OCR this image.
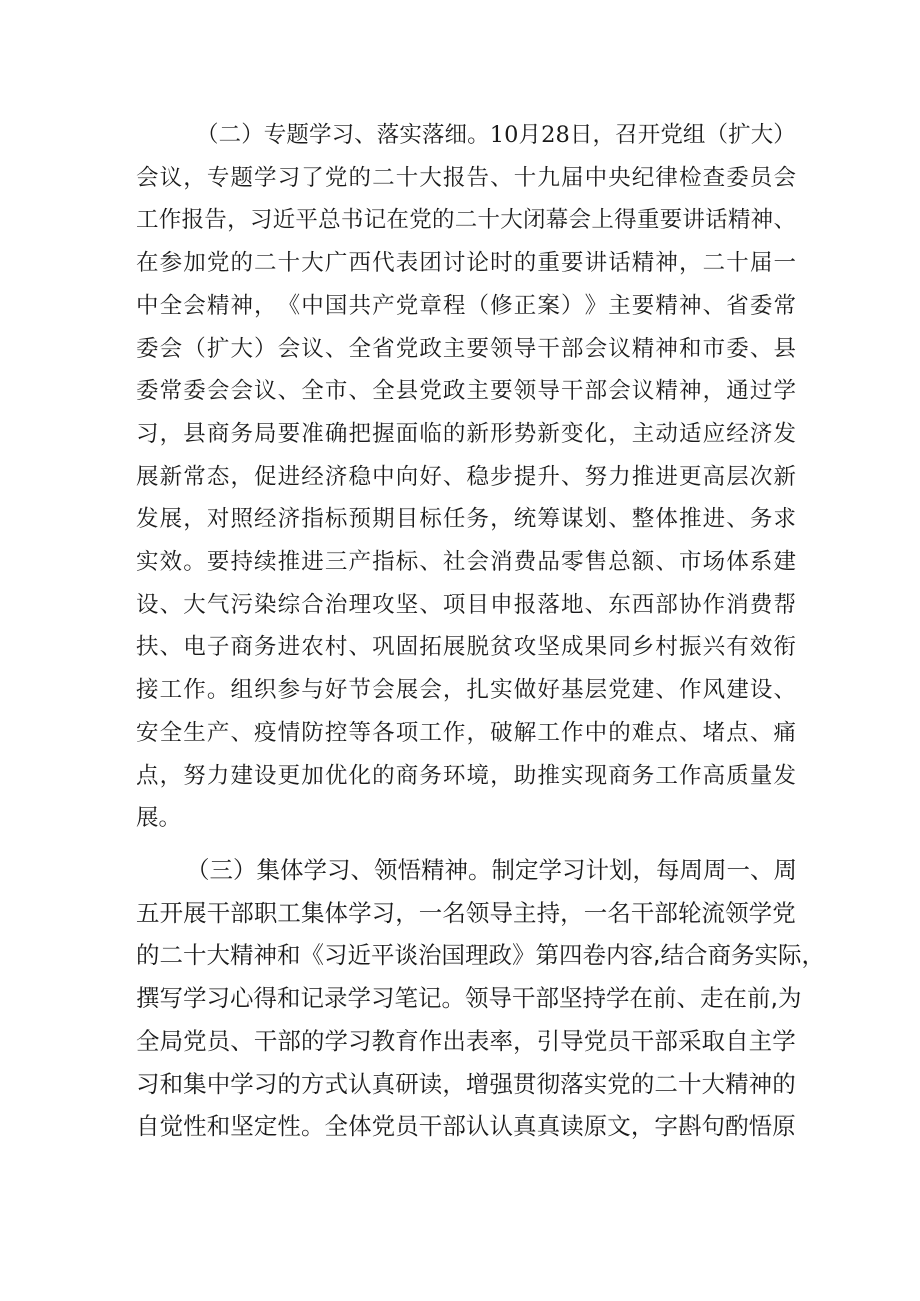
（ 二 ） 专 题 学 习 、 落 实 落 细 。 1 0 月 2 8 日 ， 召 开 党 组 （ 扩 大 ）
会 议 ， 专 题 学 习 了 党 的 二 十 大 报 告 、 十 九 届 中 央 纪 律 检 查 委 员 会
工 作 报 告 ， 习 近 平 总 书 记 在 党 的 二 十 大 闭 幕 会 上 得 重 要 讲 话 精 神 、
在 参 加 党 的 二 十 大 广 西 代 表 团 讨 论 时 的 重 要 讲 话 精 神 ， 二 十 届 一
中 全 会 精 神 ， 《 中 国 共 产 党 章 程 （ 修 正 案 ） 》 主 要 精 神 、 省 委 常
委 会 （ 扩 大 ） 会 议 、 全 省 党 政 主 要 领 导 干 部 会 议 精 神 和 市 委 、 县
委 常 委 会 会 议 、 全 市 、 全 县 党 政 主 要 领 导 干 部 会 议 精 神 ， 通 过 学
习 ， 县 商 务 局 要 准 确 把 握 面 临 的 新 形 势 新 变 化 ， 主 动 适 应 经 济 发
展 新 常 态 ， 促 进 经 济 稳 中 向 好 、 稳 步 提 升 、 努 力 推 进 更 高 层 次 新
发 展 ， 对 照 经 济 指 标 预 期 目 标 任 务 ， 统 筹 谋 划 、 整 体 推 进 、 务 求
实 效 。 要 持 续 推 进 三 产 指 标 、 社 会 消 费 品 零 售 总 额 、 市 场 体 系 建
设 、 大 气 污 染 综 合 治 理 攻 坚 、 项 目 申 报 落 地 、 东 西 部 协 作 消 费 帮
扶 、 电 子 商 务 进 农 村 、 巩 固 拓 展 脱 贫 攻 坚 成 果 同 乡 村 振 兴 有 效 衔
接 工 作 。 组 织 参 与 好 节 会 展 会 ， 扎 实 做 好 基 层 党 建 、 作 风 建 设 、
安 全 生 产 、 疫 情 防 控 等 各 项 工 作 ， 破 解 工 作 中 的 难 点 、 堵 点 、 痛
点 ， 努 力 建 设 更 加 优 化 的 商 务 环 境 ， 助 推 实 现 商 务 工 作 高 质 量 发
展。
（ 三 ） 集 体 学 习 、 领 悟 精 神 。 制 定 学 习 计 划 ， 每 周 周 一 、 周
五 开 展 干 部 职 工 集 体 学 习 ， 一 名 领 导 主 持 ， 一 名 干 部 轮 流 领 学 党
的 二 十 大 精 神 和 《 习 近 平 谈 治 国 理 政 》 第 四 卷 内 容 , 结 合 商 务 实 际 ，
撰 写 学 习 心 得 和 记 录 学 习 笔 记 。 领 导 干 部 坚 持 学 在 前 、 走 在 前 , 为
全 局 党 员 、 干 部 的 学 习 教 育 作 出 表 率 ， 引 导 党 员 干 部 采 取 自 主 学
习 和 集 中 学 习 的 方 式 认 真 研 读 ， 增 强 贯 彻 落 实 党 的 二 十 大 精 神 的
自 觉 性 和 坚 定 性 。 全 体 党 员 干 部 认 认 真 真 读 原 文 ， 字 斟 句 酌 悟 原
